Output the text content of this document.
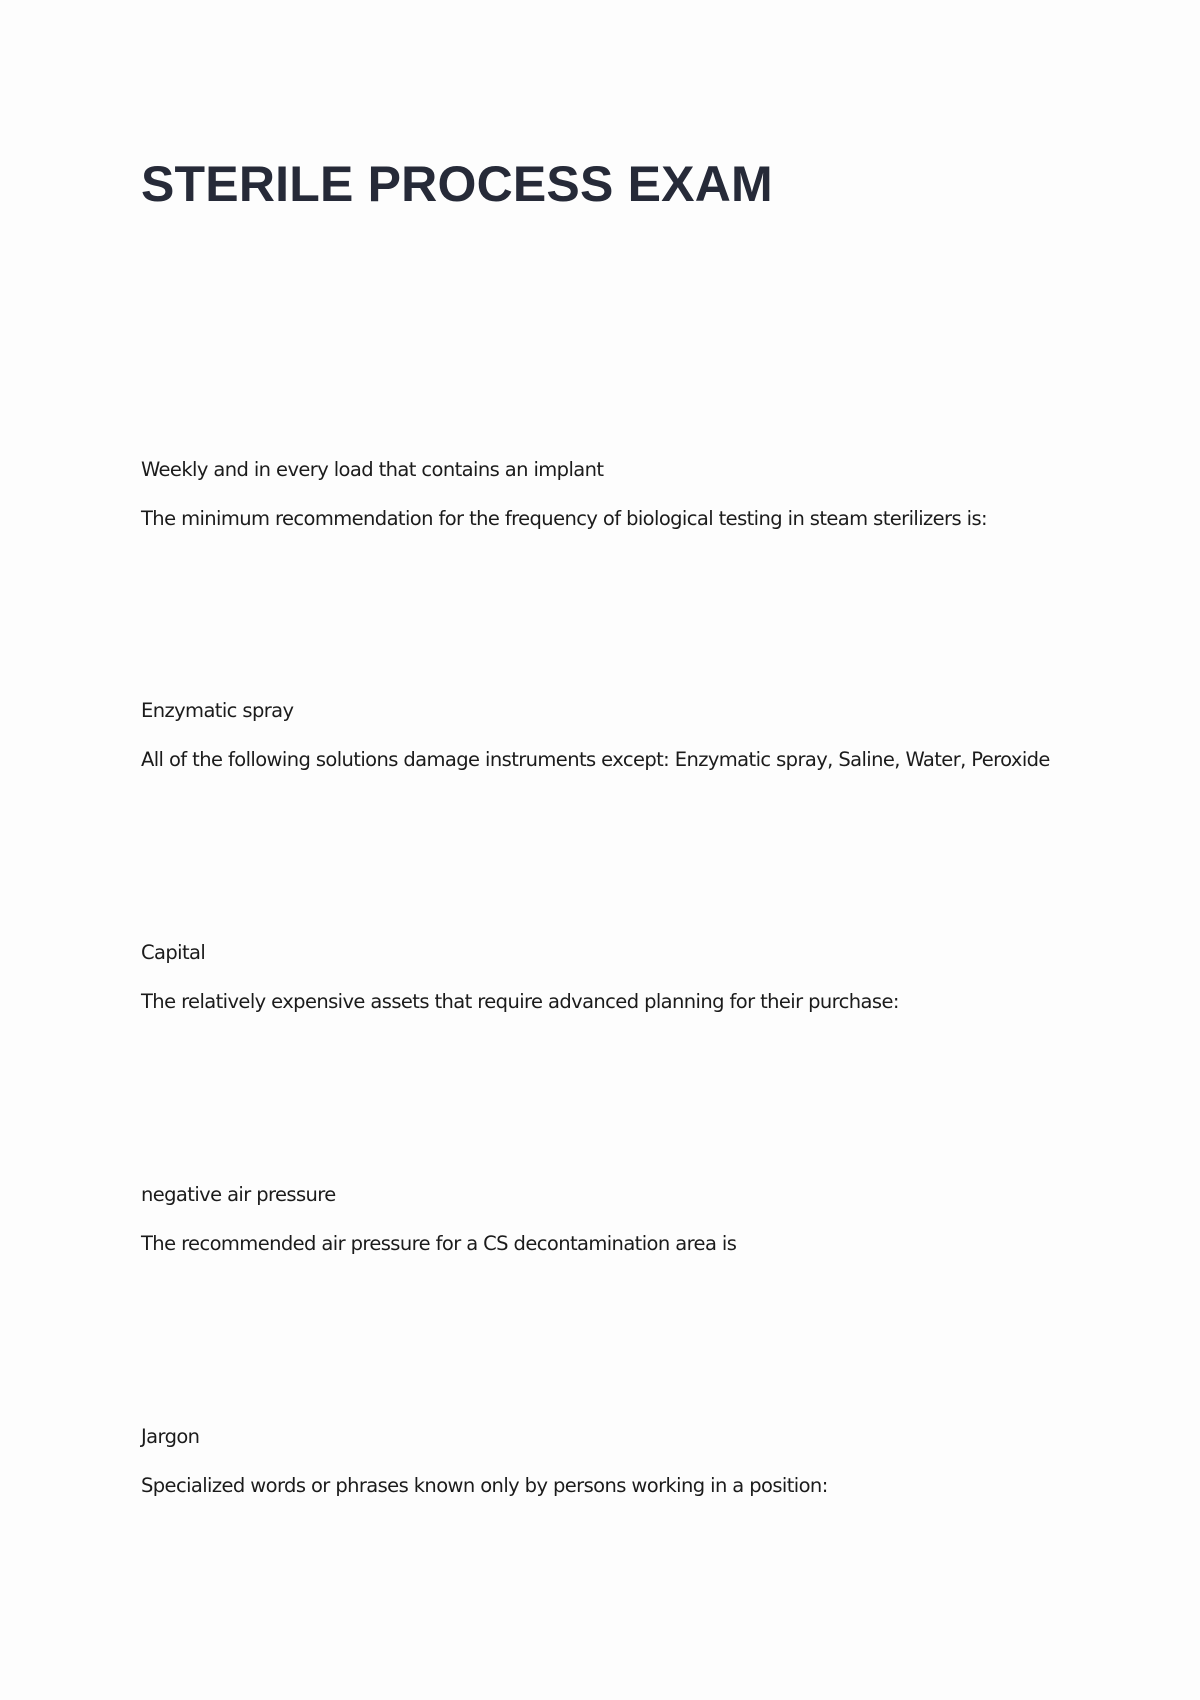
STERILE PROCESS EXAM

Weekly and in every load that contains an implant

The minimum recommendation for the frequency of biological testing in steam sterilizers is:

Enzymatic spray

All of the following solutions damage instruments except: Enzymatic spray, Saline, Water, Peroxide

Capital

The relatively expensive assets that require advanced planning for their purchase:

negative air pressure

The recommended air pressure for a CS decontamination area is

Jargon

Specialized words or phrases known only by persons working in a position:
